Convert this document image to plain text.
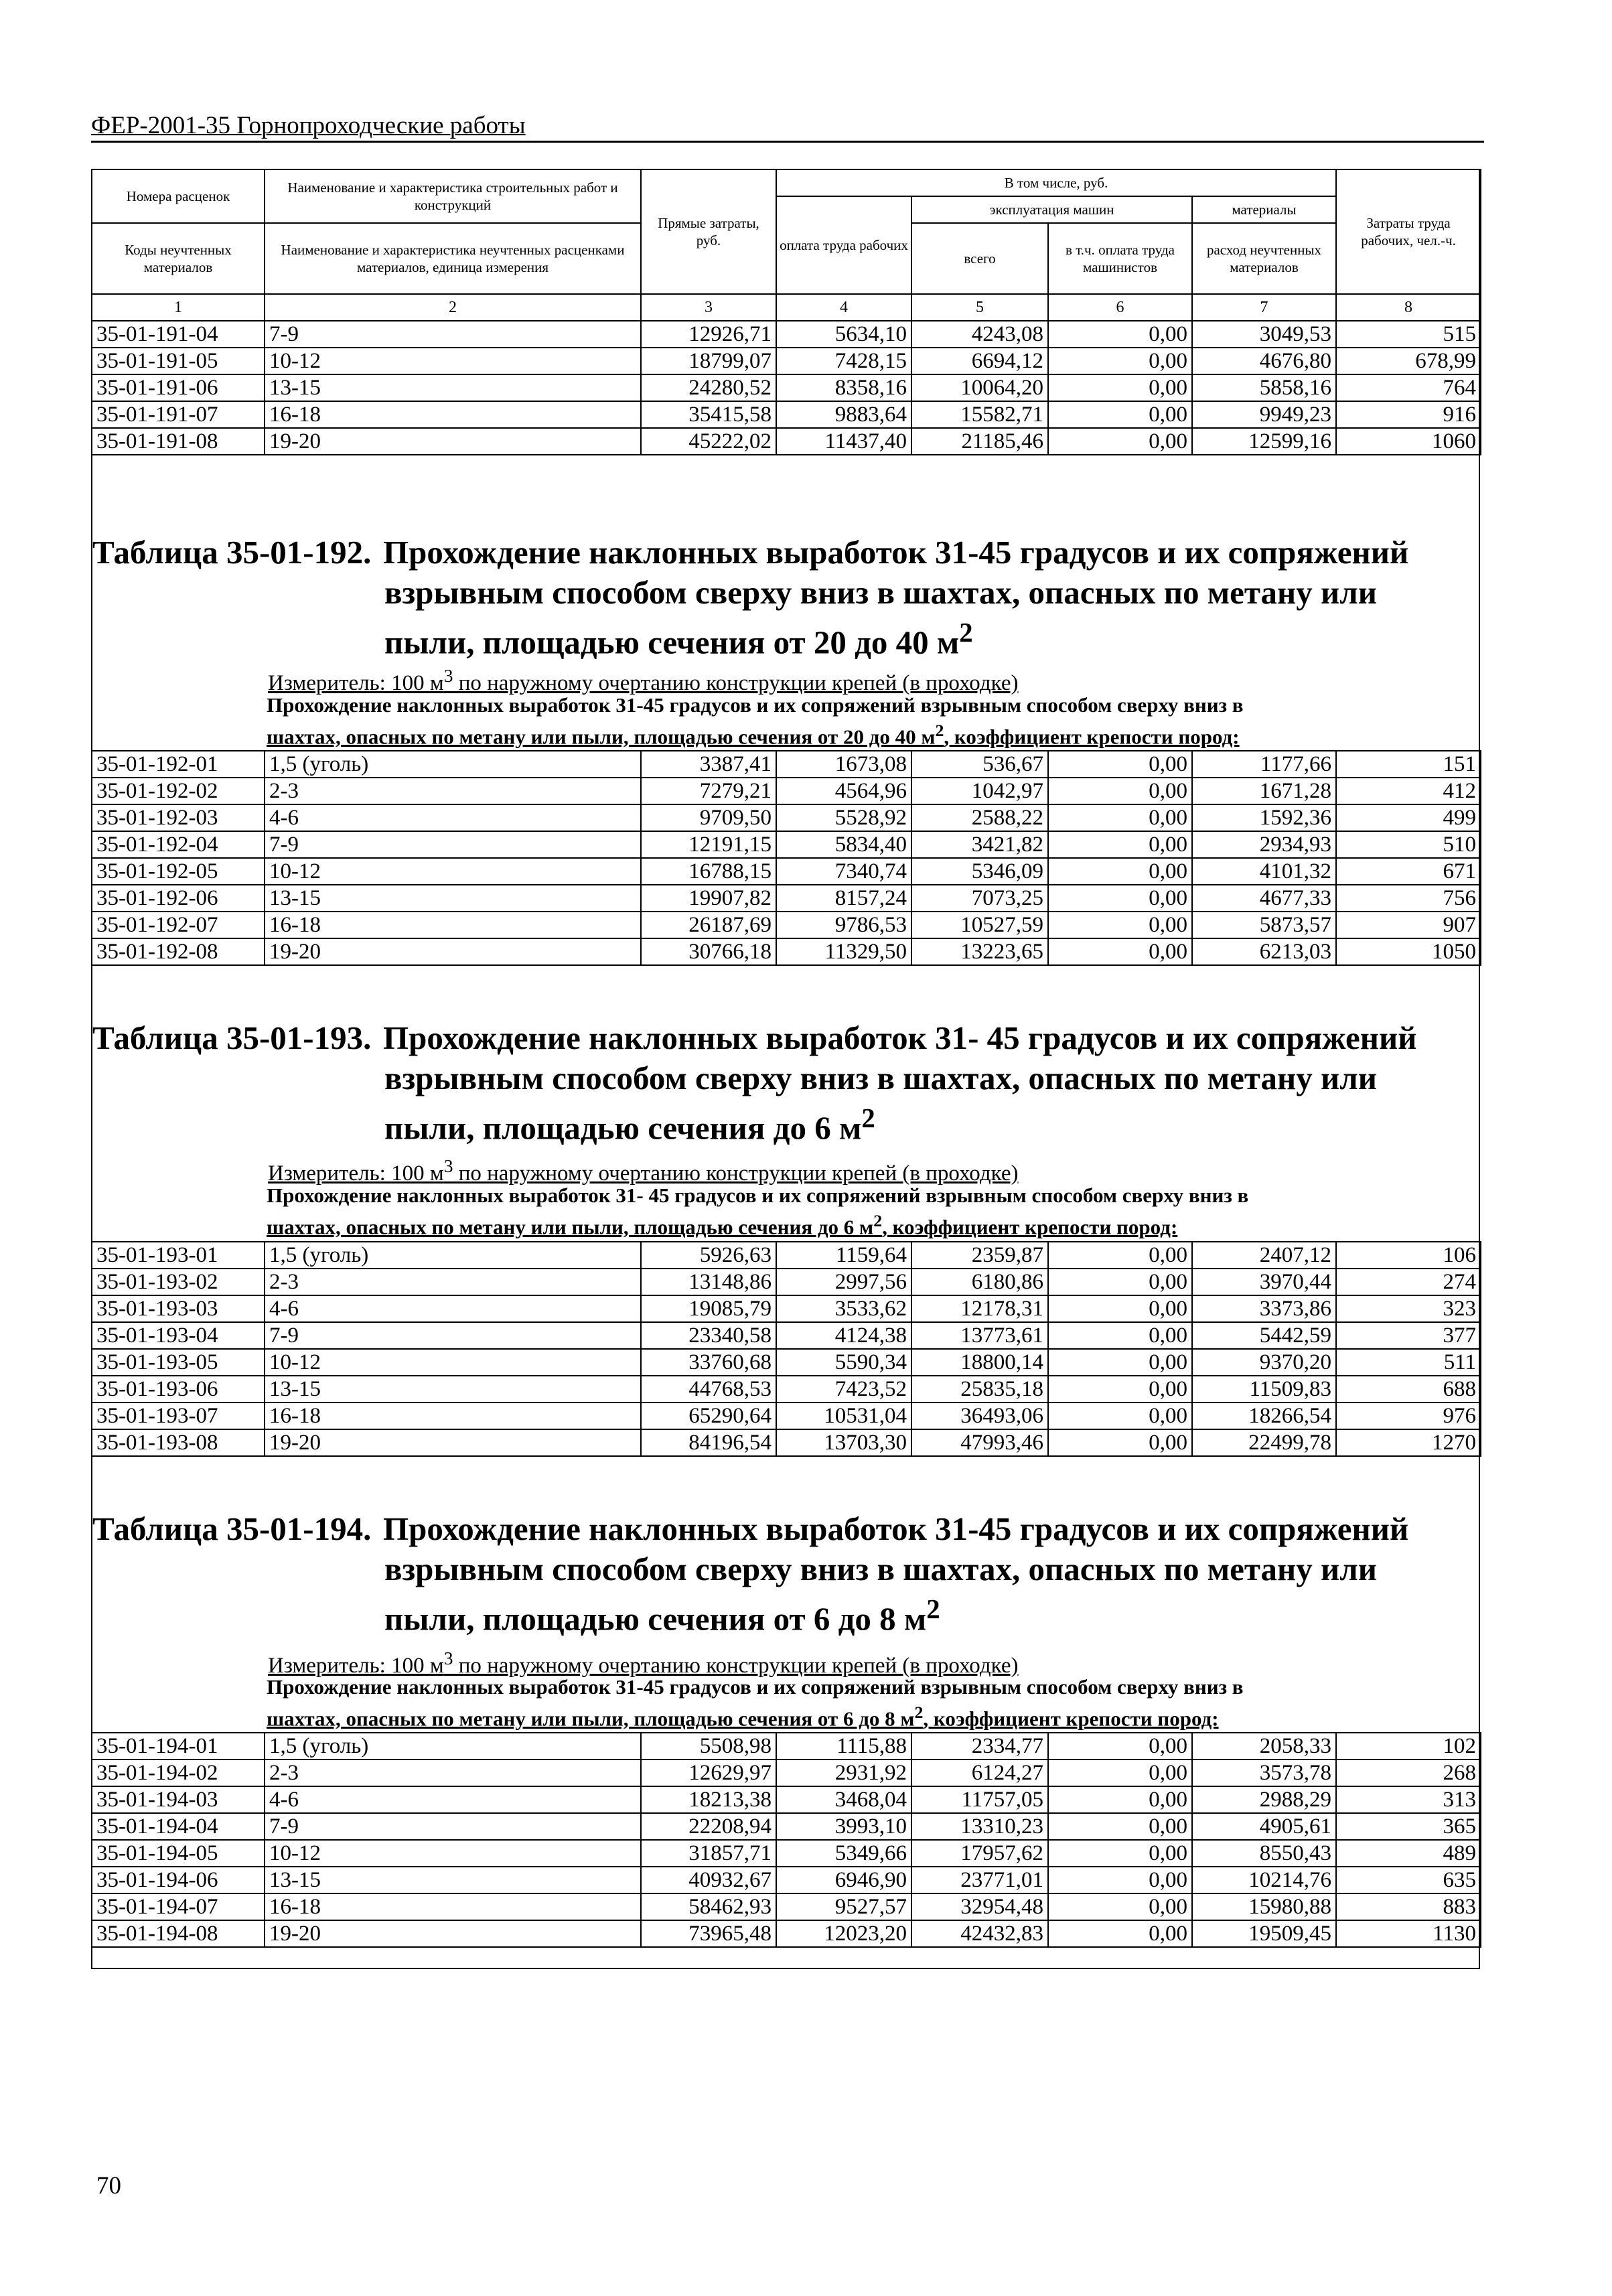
ФЕР-2001-35 Горнопроходческие работы
Номера расценок	Наименование и характеристика строительных работ и конструкций	Прямые затраты, руб.	В том числе, руб.				Затраты труда рабочих, чел.-ч.
			оплата труда рабочих	эксплуатация машин		материалы	
Коды неучтенных материалов	Наименование и характеристика неучтенных расценками материалов, единица измерения			всего	в т.ч. оплата труда машинистов	расход неучтенных материалов	

1	2	3	4	5	6	7	8
35-01-191-04	7-9	12926,71	5634,10	4243,08	0,00	3049,53	515
35-01-191-05	10-12	18799,07	7428,15	6694,12	0,00	4676,80	678,99
35-01-191-06	13-15	24280,52	8358,16	10064,20	0,00	5858,16	764
35-01-191-07	16-18	35415,58	9883,64	15582,71	0,00	9949,23	916
35-01-191-08	19-20	45222,02	11437,40	21185,46	0,00	12599,16	1060
Таблица 35-01-192. Прохождение наклонных выработок 31-45 градусов и их сопряжений
взрывным способом сверху вниз в шахтах, опасных по метану или
пыли, площадью сечения от 20 до 40 $м^2$
Измеритель: 100 $м^3$ по наружному очертанию конструкции крепей (в проходке)
Прохождение наклонных выработок 31-45 градусов и их сопряжений взрывным способом сверху вниз в
шахтах, опасных по метану или пыли, площадью сечения от 20 до 40 $м^2$, коэффициент крепости пород:
35-01-192-01	1,5 (уголь)	3387,41	1673,08	536,67	0,00	1177,66	151
35-01-192-02	2-3	7279,21	4564,96	1042,97	0,00	1671,28	412
35-01-192-03	4-6	9709,50	5528,92	2588,22	0,00	1592,36	499
35-01-192-04	7-9	12191,15	5834,40	3421,82	0,00	2934,93	510
35-01-192-05	10-12	16788,15	7340,74	5346,09	0,00	4101,32	671
35-01-192-06	13-15	19907,82	8157,24	7073,25	0,00	4677,33	756
35-01-192-07	16-18	26187,69	9786,53	10527,59	0,00	5873,57	907
35-01-192-08	19-20	30766,18	11329,50	13223,65	0,00	6213,03	1050
Таблица 35-01-193. Прохождение наклонных выработок 31- 45 градусов и их сопряжений
взрывным способом сверху вниз в шахтах, опасных по метану или
пыли, площадью сечения до 6 $м^2$
Измеритель: 100 $м^3$ по наружному очертанию конструкции крепей (в проходке)
Прохождение наклонных выработок 31- 45 градусов и их сопряжений взрывным способом сверху вниз в
шахтах, опасных по метану или пыли, площадью сечения до 6 $м^2$, коэффициент крепости пород:
35-01-193-01	1,5 (уголь)	5926,63	1159,64	2359,87	0,00	2407,12	106
35-01-193-02	2-3	13148,86	2997,56	6180,86	0,00	3970,44	274
35-01-193-03	4-6	19085,79	3533,62	12178,31	0,00	3373,86	323
35-01-193-04	7-9	23340,58	4124,38	13773,61	0,00	5442,59	377
35-01-193-05	10-12	33760,68	5590,34	18800,14	0,00	9370,20	511
35-01-193-06	13-15	44768,53	7423,52	25835,18	0,00	11509,83	688
35-01-193-07	16-18	65290,64	10531,04	36493,06	0,00	18266,54	976
35-01-193-08	19-20	84196,54	13703,30	47993,46	0,00	22499,78	1270
Таблица 35-01-194. Прохождение наклонных выработок 31-45 градусов и их сопряжений
взрывным способом сверху вниз в шахтах, опасных по метану или
пыли, площадью сечения от 6 до 8 $м^2$
Измеритель: 100 $м^3$ по наружному очертанию конструкции крепей (в проходке)
Прохождение наклонных выработок 31-45 градусов и их сопряжений взрывным способом сверху вниз в
шахтах, опасных по метану или пыли, площадью сечения от 6 до 8 $м^2$, коэффициент крепости пород:
35-01-194-01	1,5 (уголь)	5508,98	1115,88	2334,77	0,00	2058,33	102
35-01-194-02	2-3	12629,97	2931,92	6124,27	0,00	3573,78	268
35-01-194-03	4-6	18213,38	3468,04	11757,05	0,00	2988,29	313
35-01-194-04	7-9	22208,94	3993,10	13310,23	0,00	4905,61	365
35-01-194-05	10-12	31857,71	5349,66	17957,62	0,00	8550,43	489
35-01-194-06	13-15	40932,67	6946,90	23771,01	0,00	10214,76	635
35-01-194-07	16-18	58462,93	9527,57	32954,48	0,00	15980,88	883
35-01-194-08	19-20	73965,48	12023,20	42432,83	0,00	19509,45	1130
70
